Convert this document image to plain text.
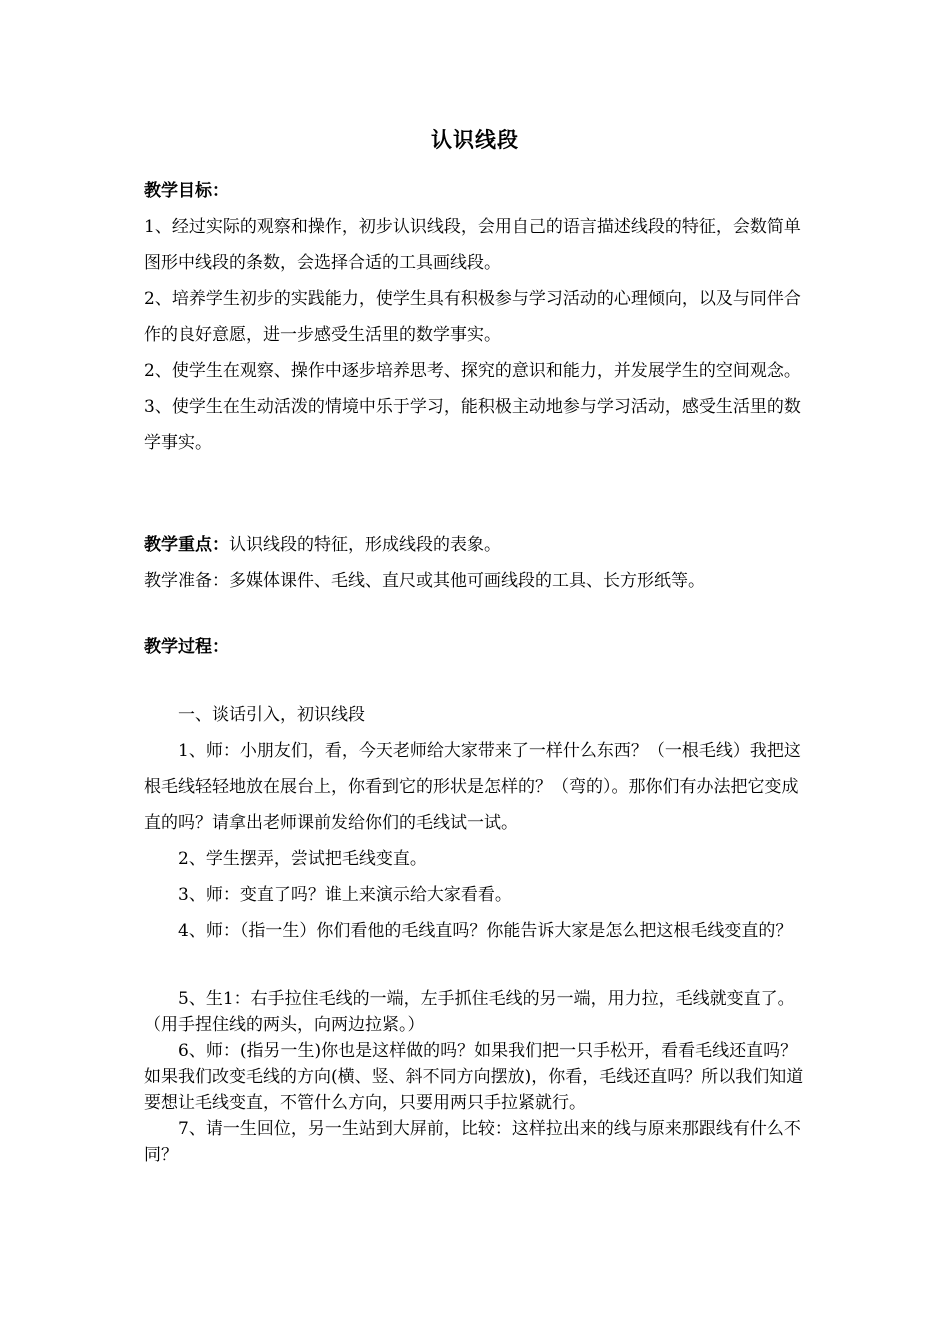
认识线段

教学目标：

1、经过实际的观察和操作，初步认识线段，会用自己的语言描述线段的特征，会数简单图形中线段的条数，会选择合适的工具画线段。

2、培养学生初步的实践能力，使学生具有积极参与学习活动的心理倾向，以及与同伴合作的良好意愿，进一步感受生活里的数学事实。

2、使学生在观察、操作中逐步培养思考、探究的意识和能力，并发展学生的空间观念。

3、使学生在生动活泼的情境中乐于学习，能积极主动地参与学习活动，感受生活里的数学事实。

教学重点：认识线段的特征，形成线段的表象。

教学准备：多媒体课件、毛线、直尺或其他可画线段的工具、长方形纸等。

教学过程：

一、谈话引入，初识线段

1、师：小朋友们，看，今天老师给大家带来了一样什么东西？（一根毛线）我把这根毛线轻轻地放在展台上，你看到它的形状是怎样的？（弯的）。那你们有办法把它变成直的吗？请拿出老师课前发给你们的毛线试一试。

2、学生摆弄，尝试把毛线变直。

3、师：变直了吗？谁上来演示给大家看看。

4、师：（指一生）你们看他的毛线直吗？你能告诉大家是怎么把这根毛线变直的？

5、生1：右手拉住毛线的一端，左手抓住毛线的另一端，用力拉，毛线就变直了。（用手捏住线的两头，向两边拉紧。）

6、师：(指另一生)你也是这样做的吗？如果我们把一只手松开，看看毛线还直吗？如果我们改变毛线的方向(横、竖、斜不同方向摆放)，你看，毛线还直吗？所以我们知道要想让毛线变直，不管什么方向，只要用两只手拉紧就行。

7、请一生回位，另一生站到大屏前，比较：这样拉出来的线与原来那跟线有什么不同？
